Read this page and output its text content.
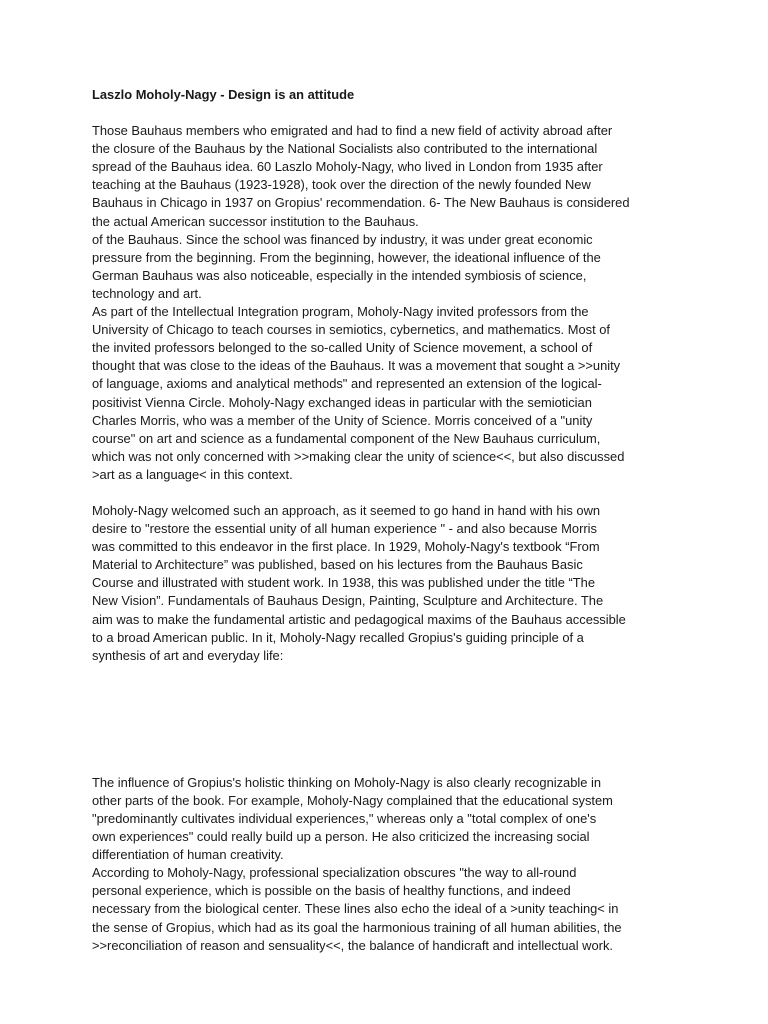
Laszlo Moholy-Nagy - Design is an attitude

Those Bauhaus members who emigrated and had to find a new field of activity abroad after
the closure of the Bauhaus by the National Socialists also contributed to the international
spread of the Bauhaus idea. 60 Laszlo Moholy-Nagy, who lived in London from 1935 after
teaching at the Bauhaus (1923-1928), took over the direction of the newly founded New
Bauhaus in Chicago in 1937 on Gropius' recommendation. 6- The New Bauhaus is considered
the actual American successor institution to the Bauhaus.

of the Bauhaus. Since the school was financed by industry, it was under great economic
pressure from the beginning. From the beginning, however, the ideational influence of the
German Bauhaus was also noticeable, especially in the intended symbiosis of science,
technology and art.

As part of the Intellectual Integration program, Moholy-Nagy invited professors from the
University of Chicago to teach courses in semiotics, cybernetics, and mathematics. Most of
the invited professors belonged to the so-called Unity of Science movement, a school of
thought that was close to the ideas of the Bauhaus. It was a movement that sought a >>unity
of language, axioms and analytical methods" and represented an extension of the logical-
positivist Vienna Circle. Moholy-Nagy exchanged ideas in particular with the semiotician
Charles Morris, who was a member of the Unity of Science. Morris conceived of a "unity
course" on art and science as a fundamental component of the New Bauhaus curriculum,
which was not only concerned with >>making clear the unity of science<<, but also discussed
>art as a language< in this context.

Moholy-Nagy welcomed such an approach, as it seemed to go hand in hand with his own
desire to "restore the essential unity of all human experience " - and also because Morris
was committed to this endeavor in the first place. In 1929, Moholy-Nagy's textbook “From
Material to Architecture” was published, based on his lectures from the Bauhaus Basic
Course and illustrated with student work. In 1938, this was published under the title “The
New Vision”. Fundamentals of Bauhaus Design, Painting, Sculpture and Architecture. The
aim was to make the fundamental artistic and pedagogical maxims of the Bauhaus accessible
to a broad American public. In it, Moholy-Nagy recalled Gropius's guiding principle of a
synthesis of art and everyday life:

The influence of Gropius's holistic thinking on Moholy-Nagy is also clearly recognizable in
other parts of the book. For example, Moholy-Nagy complained that the educational system
"predominantly cultivates individual experiences," whereas only a "total complex of one's
own experiences" could really build up a person. He also criticized the increasing social
differentiation of human creativity.

According to Moholy-Nagy, professional specialization obscures "the way to all-round
personal experience, which is possible on the basis of healthy functions, and indeed
necessary from the biological center. These lines also echo the ideal of a >unity teaching< in
the sense of Gropius, which had as its goal the harmonious training of all human abilities, the
>>reconciliation of reason and sensuality<<, the balance of handicraft and intellectual work.
